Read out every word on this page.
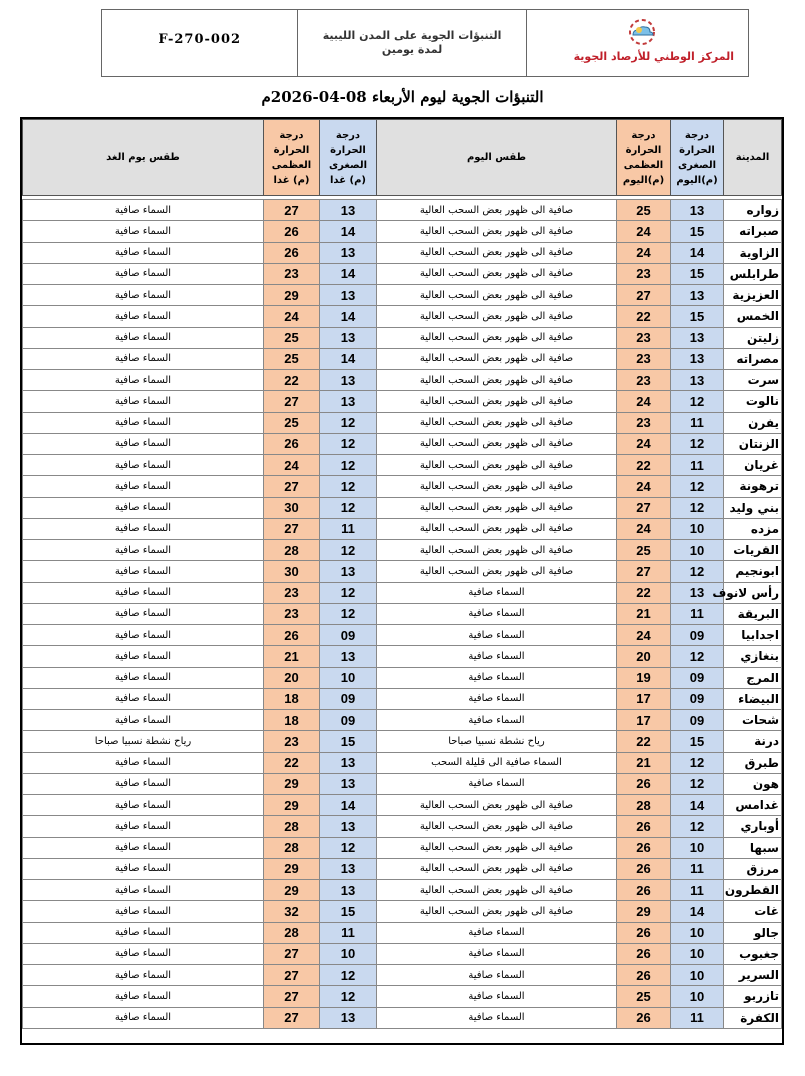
F-270-002	التنبؤات الجوية على المدن الليبية
لمدة يومين
المركز الوطني للأرصاد الجوية
التنبؤات الجوية ليوم الأربعاء 08-04-2026م
المدينة	درجة الحرارة الصغرى (م)اليوم	درجة الحرارة العظمى (م)اليوم	طقس اليوم	درجة الحرارة الصغرى (م) غدا	درجة الحرارة العظمى (م) غدا	طقس يوم الغد

زواره	13	25	صافية الى ظهور بعض السحب العالية	13	27	السماء صافية
صبراته	15	24	صافية الى ظهور بعض السحب العالية	14	26	السماء صافية
الزاوية	14	24	صافية الى ظهور بعض السحب العالية	13	26	السماء صافية
طرابلس	15	23	صافية الى ظهور بعض السحب العالية	14	23	السماء صافية
العزيزية	13	27	صافية الى ظهور بعض السحب العالية	13	29	السماء صافية
الخمس	15	22	صافية الى ظهور بعض السحب العالية	14	24	السماء صافية
زليتن	13	23	صافية الى ظهور بعض السحب العالية	13	25	السماء صافية
مصراته	13	23	صافية الى ظهور بعض السحب العالية	14	25	السماء صافية
سرت	13	23	صافية الى ظهور بعض السحب العالية	13	22	السماء صافية
نالوت	12	24	صافية الى ظهور بعض السحب العالية	13	27	السماء صافية
يفرن	11	23	صافية الى ظهور بعض السحب العالية	12	25	السماء صافية
الزنتان	12	24	صافية الى ظهور بعض السحب العالية	12	26	السماء صافية
غريان	11	22	صافية الى ظهور بعض السحب العالية	12	24	السماء صافية
ترهونة	12	24	صافية الى ظهور بعض السحب العالية	12	27	السماء صافية
بني وليد	12	27	صافية الى ظهور بعض السحب العالية	12	30	السماء صافية
مزده	10	24	صافية الى ظهور بعض السحب العالية	11	27	السماء صافية
القريات	10	25	صافية الى ظهور بعض السحب العالية	12	28	السماء صافية
ابونجيم	12	27	صافية الى ظهور بعض السحب العالية	13	30	السماء صافية
رأس لانوف	13	22	السماء صافية	12	23	السماء صافية
البريقة	11	21	السماء صافية	12	23	السماء صافية
اجدابيا	09	24	السماء صافية	09	26	السماء صافية
بنغازي	12	20	السماء صافية	13	21	السماء صافية
المرج	09	19	السماء صافية	10	20	السماء صافية
البيضاء	09	17	السماء صافية	09	18	السماء صافية
شحات	09	17	السماء صافية	09	18	السماء صافية
درنة	15	22	رياح نشطة نسبيا صباحا	15	23	رياح نشطة نسبيا صباحا
طبرق	12	21	السماء صافية الى قليلة السحب	13	22	السماء صافية
هون	12	26	السماء صافية	13	29	السماء صافية
غدامس	14	28	صافية الى ظهور بعض السحب العالية	14	29	السماء صافية
أوباري	12	26	صافية الى ظهور بعض السحب العالية	13	28	السماء صافية
سبها	10	26	صافية الى ظهور بعض السحب العالية	12	28	السماء صافية
مرزق	11	26	صافية الى ظهور بعض السحب العالية	13	29	السماء صافية
القطرون	11	26	صافية الى ظهور بعض السحب العالية	13	29	السماء صافية
غات	14	29	صافية الى ظهور بعض السحب العالية	15	32	السماء صافية
جالو	10	26	السماء صافية	11	28	السماء صافية
جغبوب	10	26	السماء صافية	10	27	السماء صافية
السرير	10	26	السماء صافية	12	27	السماء صافية
تازربو	10	25	السماء صافية	12	27	السماء صافية
الكفرة	11	26	السماء صافية	13	27	السماء صافية
